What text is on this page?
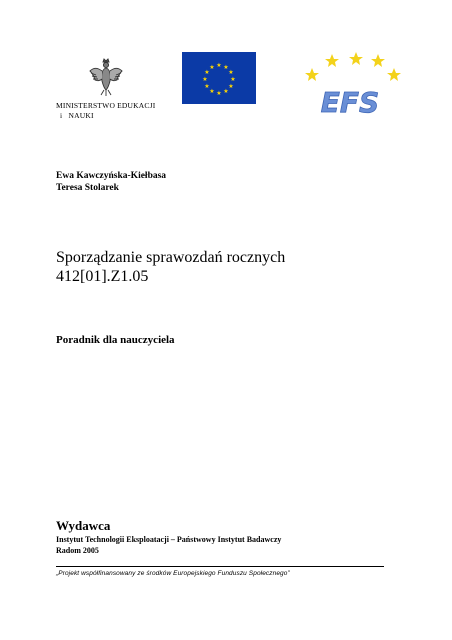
MINISTERSTWO EDUKACJI
i   NAUKI
★ ★
★
★
★
★
★
★
★
★
★
★
EFS
Ewa Kawczyńska-Kiełbasa
Teresa Stolarek
Sporządzanie sprawozdań rocznych
412[01].Z1.05
Poradnik dla nauczyciela
Wydawca
Instytut Technologii Eksploatacji – Państwowy Instytut Badawczy
Radom 2005
„Projekt współfinansowany ze środków Europejskiego Funduszu Społecznego”
